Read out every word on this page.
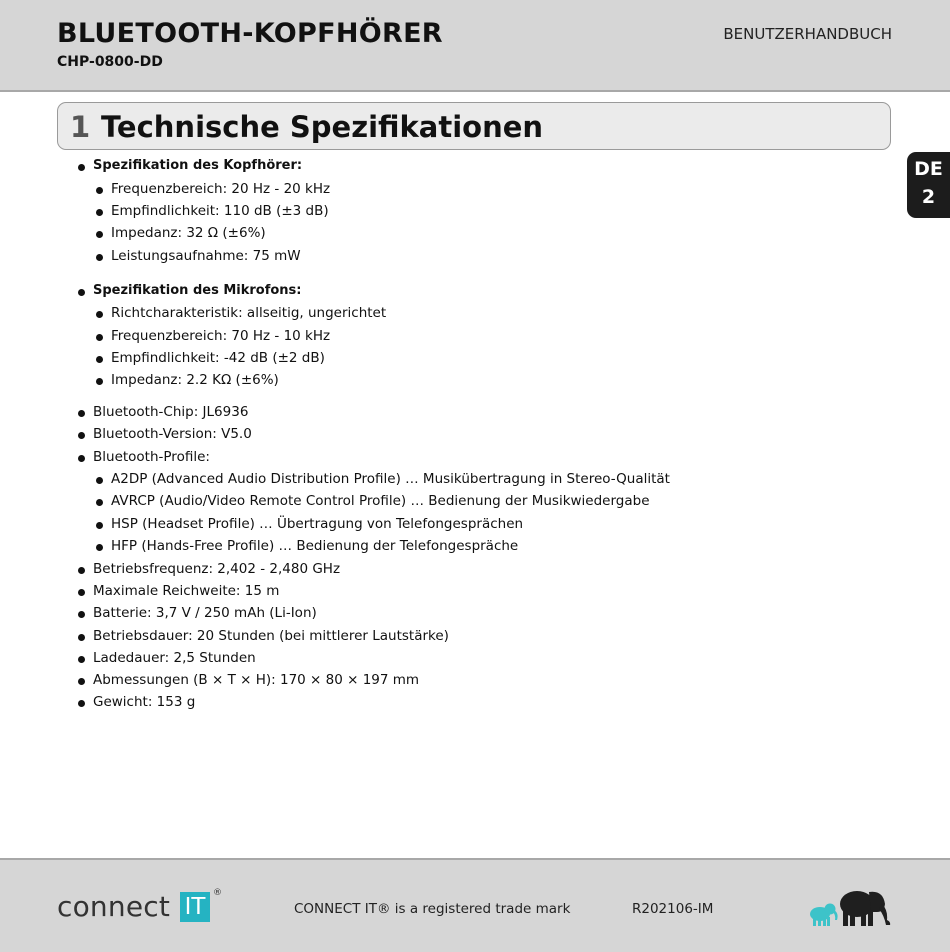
BLUETOOTH-KOPFHÖRER
CHP-0800-DD
BENUTZERHANDBUCH
1 Technische Spezifikationen
DE
2
Spezifikation des Kopfhörer:
Frequenzbereich: 20 Hz - 20 kHz
Empfindlichkeit: 110 dB (±3 dB)
Impedanz: 32 Ω (±6%)
Leistungsaufnahme: 75 mW
Spezifikation des Mikrofons:
Richtcharakteristik: allseitig, ungerichtet
Frequenzbereich: 70 Hz - 10 kHz
Empfindlichkeit: -42 dB (±2 dB)
Impedanz: 2.2 KΩ (±6%)
Bluetooth-Chip: JL6936
Bluetooth-Version: V5.0
Bluetooth-Profile:
A2DP (Advanced Audio Distribution Profile) … Musikübertragung in Stereo-Qualität
AVRCP (Audio/Video Remote Control Profile) … Bedienung der Musikwiedergabe
HSP (Headset Profile) … Übertragung von Telefongesprächen
HFP (Hands-Free Profile) … Bedienung der Telefongespräche
Betriebsfrequenz: 2,402 - 2,480 GHz
Maximale Reichweite: 15 m
Batterie: 3,7 V / 250 mAh (Li-Ion)
Betriebsdauer: 20 Stunden (bei mittlerer Lautstärke)
Ladedauer: 2,5 Stunden
Abmessungen (B × T × H): 170 × 80 × 197 mm
Gewicht: 153 g
connect IT
®
CONNECT IT® is a registered trade mark	R202106-IM
